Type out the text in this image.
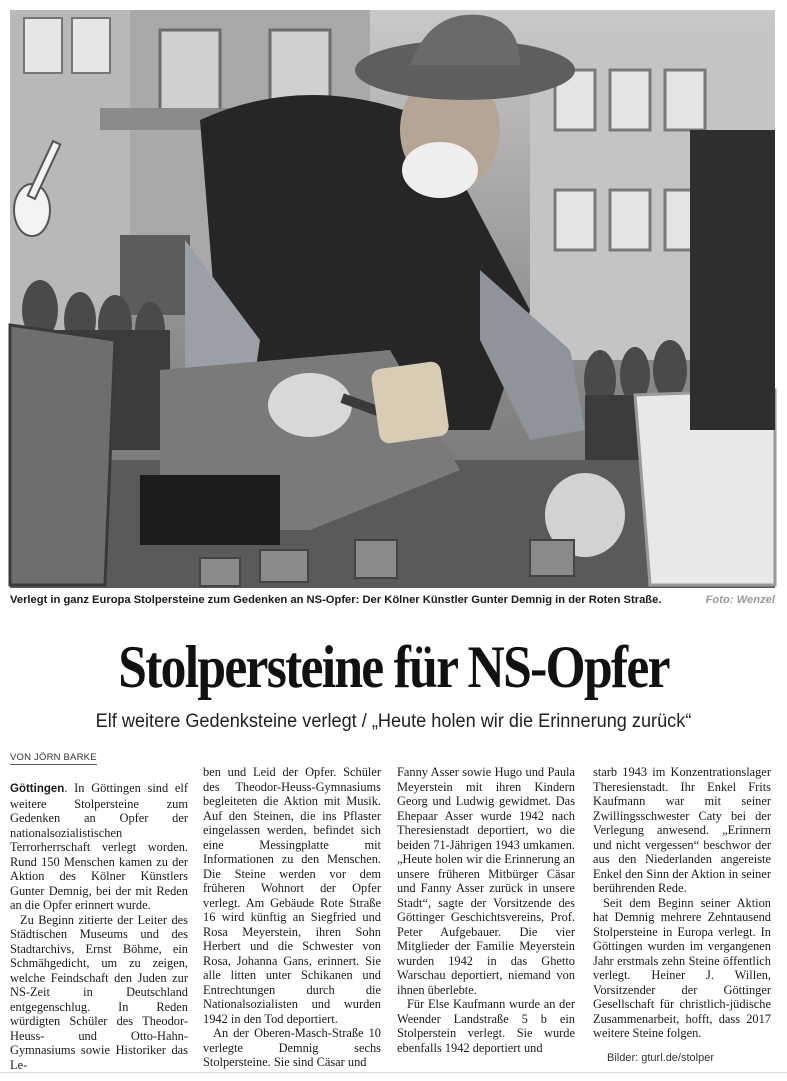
Verlegt in ganz Europa Stolpersteine zum Gedenken an NS-Opfer: Der Kölner Künstler Gunter Demnig in der Roten Straße.	Foto: Wenzel
Stolpersteine für NS-Opfer
Elf weitere Gedenksteine verlegt / „Heute holen wir die Erinnerung zurück“
VON JÖRN BARKE

Göttingen. In Göttingen sind elf weitere Stolpersteine zum Gedenken an Opfer der nationalsozialistischen Terrorherrschaft verlegt worden. Rund 150 Menschen kamen zu der Aktion des Kölner Künstlers Gunter Demnig, bei der mit Reden an die Opfer erinnert wurde.

Zu Beginn zitierte der Leiter des Städtischen Museums und des Stadtarchivs, Ernst Böhme, ein Schmähgedicht, um zu zeigen, welche Feindschaft den Juden zur NS-Zeit in Deutschland entgegenschlug. In Reden würdigten Schüler des Theodor-Heuss- und Otto-Hahn-Gymnasiums sowie Historiker das Le-

ben und Leid der Opfer. Schüler des Theodor-Heuss-Gymnasiums begleiteten die Aktion mit Musik. Auf den Steinen, die ins Pflaster eingelassen werden, befindet sich eine Messingplatte mit Informationen zu den Menschen. Die Steine werden vor dem früheren Wohnort der Opfer verlegt. Am Gebäude Rote Straße 16 wird künftig an Siegfried und Rosa Meyerstein, ihren Sohn Herbert und die Schwester von Rosa, Johanna Gans, erinnert. Sie alle litten unter Schikanen und Entrechtungen durch die Nationalsozialisten und wurden 1942 in den Tod deportiert.

An der Oberen-Masch-Straße 10 verlegte Demnig sechs Stolpersteine. Sie sind Cäsar und

Fanny Asser sowie Hugo und Paula Meyerstein mit ihren Kindern Georg und Ludwig gewidmet. Das Ehepaar Asser wurde 1942 nach Theresienstadt deportiert, wo die beiden 71-Jährigen 1943 umkamen. „Heute holen wir die Erinnerung an unsere früheren Mitbürger Cäsar und Fanny Asser zurück in unsere Stadt“, sagte der Vorsitzende des Göttinger Geschichtsvereins, Prof. Peter Aufgebauer. Die vier Mitglieder der Familie Meyerstein wurden 1942 in das Ghetto Warschau deportiert, niemand von ihnen überlebte.

Für Else Kaufmann wurde an der Weender Landstraße 5 b ein Stolperstein verlegt. Sie wurde ebenfalls 1942 deportiert und

starb 1943 im Konzentrationslager Theresienstadt. Ihr Enkel Frits Kaufmann war mit seiner Zwillingsschwester Caty bei der Verlegung anwesend. „Erinnern und nicht vergessen“ beschwor der aus den Niederlanden angereiste Enkel den Sinn der Aktion in seiner berührenden Rede.

Seit dem Beginn seiner Aktion hat Demnig mehrere Zehntausend Stolpersteine in Europa verlegt. In Göttingen wurden im vergangenen Jahr erstmals zehn Steine öffentlich verlegt. Heiner J. Willen, Vorsitzender der Göttinger Gesellschaft für christlich-jüdische Zusammenarbeit, hofft, dass 2017 weitere Steine folgen.

Bilder: gturl.de/stolper
